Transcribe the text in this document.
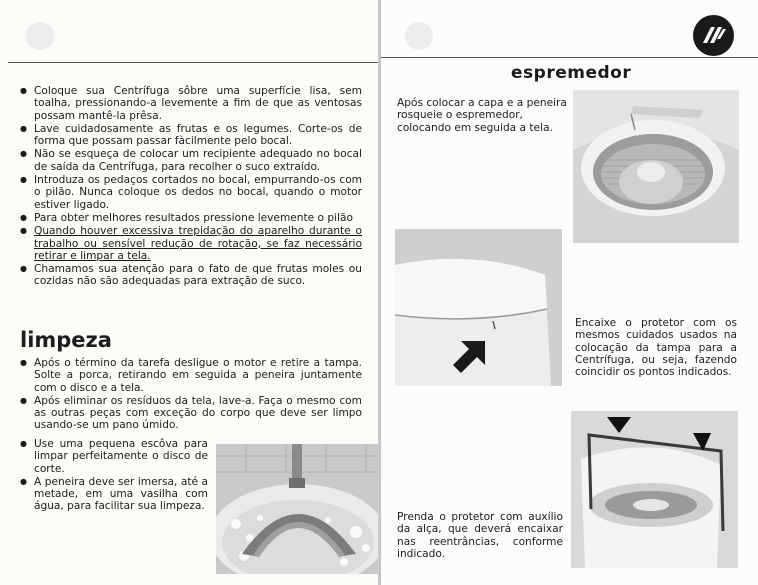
● Coloque sua Centrífuga sôbre uma superfície lisa, sem toalha, pressionando-a levemente a fim de que as ventosas possam mantê-la prêsa.
● Lave cuidadosamente as frutas e os legumes. Corte-os de forma que possam passar fàcilmente pelo bocal.
● Não se esqueça de colocar um recipiente adequado no bocal de saída da Centrífuga, para recolher o suco extraído.
● Introduza os pedaços cortados no bocal, empurrando-os com o pilão. Nunca coloque os dedos no bocal, quando o motor estiver ligado.
● Para obter melhores resultados pressione levemente o pilão
● Quando houver excessiva trepidação do aparelho durante o trabalho ou sensível redução de rotação, se faz necessário retirar e limpar a tela.
● Chamamos sua atenção para o fato de que frutas moles ou cozidas não são adequadas para extração de suco.
limpeza
● Após o término da tarefa desligue o motor e retire a tampa. Solte a porca, retirando em seguida a peneira juntamente com o disco e a tela.
● Após eliminar os resíduos da tela, lave-a. Faça o mesmo com as outras peças com exceção do corpo que deve ser limpo usando-se um pano úmido.
● Use uma pequena escôva para limpar perfeitamente o disco de corte.
● A peneira deve ser imersa, até a metade, em uma vasilha com água, para facilitar sua limpeza.
espremedor
Após colocar a capa e a peneira rosqueie o espremedor, colocando em seguida a tela.
Encaixe o protetor com os mesmos cuidados usados na colocação da tampa para a Centrífuga, ou seja, fazendo coincidir os pontos indicados.
Prenda o protetor com auxílio da alça, que deverá encaixar nas reentrâncias, conforme indicado.
